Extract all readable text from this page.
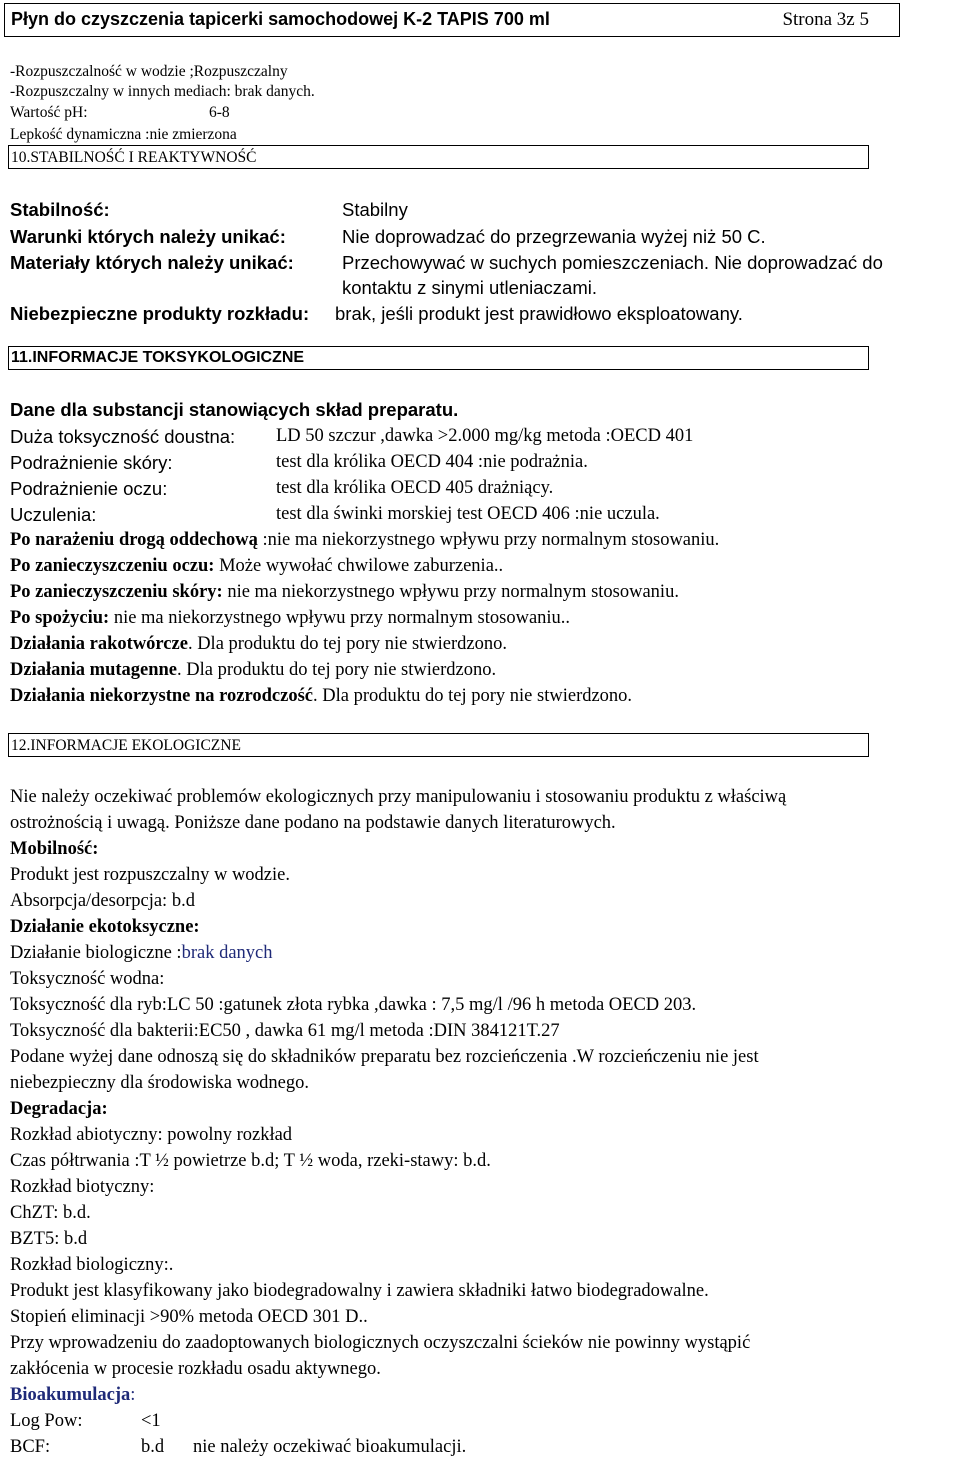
Płyn do czyszczenia tapicerki samochodowej K-2 TAPIS 700 ml	Strona 3z 5
-Rozpuszczalność w wodzie ;Rozpuszczalny
-Rozpuszczalny w innych mediach: brak danych.
Wartość pH:	6-8
Lepkość dynamiczna :nie zmierzona
10.STABILNOŚĆ I REAKTYWNOŚĆ
Stabilność:	Stabilny
Warunki których należy unikać:	Nie doprowadzać do przegrzewania wyżej niż 50 C.
Materiały których należy unikać:	Przechowywać w suchych pomieszczeniach. Nie doprowadzać do
kontaktu z sinymi utleniaczami.
Niebezpieczne produkty rozkładu: brak, jeśli produkt jest prawidłowo eksploatowany.
11.INFORMACJE TOKSYKOLOGICZNE
Dane dla substancji stanowiących skład preparatu.
Duża toksyczność doustna: LD 50 szczur ,dawka >2.000 mg/kg metoda :OECD 401
Podrażnienie skóry:	test dla królika OECD 404 :nie podrażnia.
Podrażnienie oczu:	test dla królika OECD 405 drażniący.
Uczulenia:	test dla świnki morskiej test OECD 406 :nie uczula.
Po narażeniu drogą oddechową :nie ma niekorzystnego wpływu przy normalnym stosowaniu.
Po zanieczyszczeniu oczu: Może wywołać chwilowe zaburzenia..
Po zanieczyszczeniu skóry: nie ma niekorzystnego wpływu przy normalnym stosowaniu.
Po spożyciu: nie ma niekorzystnego wpływu przy normalnym stosowaniu..
Działania rakotwórcze. Dla produktu do tej pory nie stwierdzono.
Działania mutagenne. Dla produktu do tej pory nie stwierdzono.
Działania niekorzystne na rozrodczość. Dla produktu do tej pory nie stwierdzono.
12.INFORMACJE EKOLOGICZNE
Nie należy oczekiwać problemów ekologicznych przy manipulowaniu i stosowaniu produktu z właściwą
ostrożnością i uwagą. Poniższe dane podano na podstawie danych literaturowych.
Mobilność:
Produkt jest rozpuszczalny w wodzie.
Absorpcja/desorpcja: b.d
Działanie ekotoksyczne:
Działanie biologiczne :brak danych
Toksyczność wodna:
Toksyczność dla ryb:LC 50 :gatunek złota rybka ,dawka : 7,5 mg/l /96 h metoda OECD 203.
Toksyczność dla bakterii:EC50 , dawka 61 mg/l metoda :DIN 384121T.27
Podane wyżej dane odnoszą się do składników preparatu bez rozcieńczenia .W rozcieńczeniu nie jest
niebezpieczny dla środowiska wodnego.
Degradacja:
Rozkład abiotyczny: powolny rozkład
Czas półtrwania :T ½ powietrze b.d; T ½ woda, rzeki-stawy: b.d.
Rozkład biotyczny:
ChZT: b.d.
BZT5: b.d
Rozkład biologiczny:.
Produkt jest klasyfikowany jako biodegradowalny i zawiera składniki łatwo biodegradowalne.
Stopień eliminacji >90% metoda OECD 301 D..
Przy wprowadzeniu do zaadoptowanych biologicznych oczyszczalni ścieków nie powinny wystąpić
zakłócenia w procesie rozkładu osadu aktywnego.
Bioakumulacja:
Log Pow:	<1
BCF:	b.d nie należy oczekiwać bioakumulacji.
